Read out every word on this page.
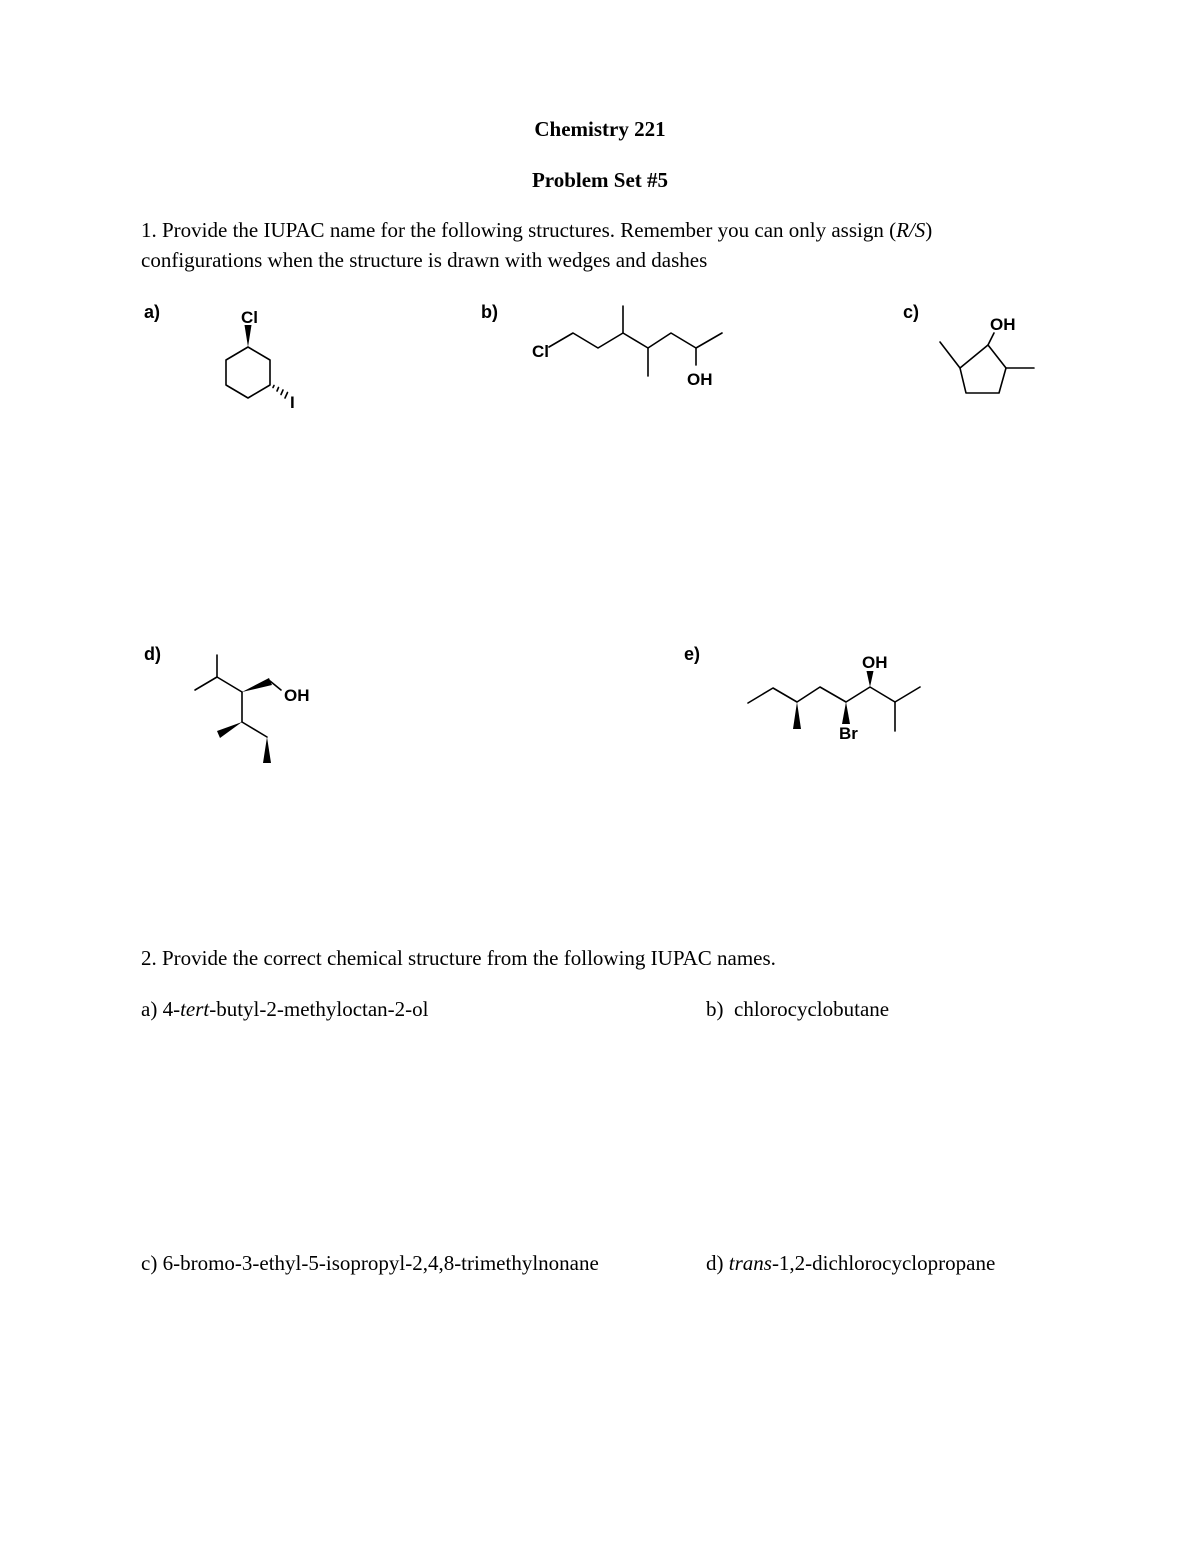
Chemistry 221
Problem Set #5
1. Provide the IUPAC name for the following structures. Remember you can only assign (R/S)
configurations when the structure is drawn with wedges and dashes
a)	b)	c)
d)	e)
Cl
I
Cl
OH
OH
OH
OH
Br
2. Provide the correct chemical structure from the following IUPAC names.
a) 4-tert-butyl-2-methyloctan-2-ol	b)  chlorocyclobutane
c) 6-bromo-3-ethyl-5-isopropyl-2,4,8-trimethylnonane	d) trans-1,2-dichlorocyclopropane
